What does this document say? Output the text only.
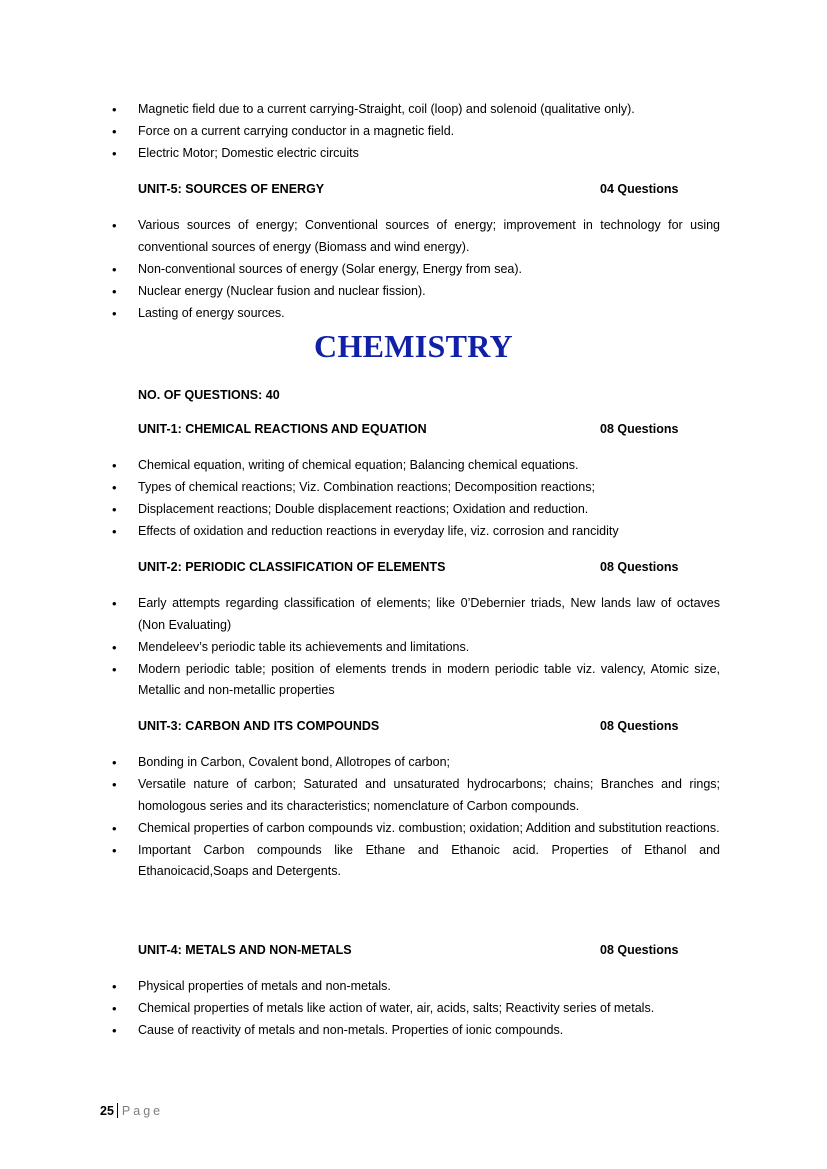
• Magnetic field due to a current carrying-Straight, coil (loop) and solenoid (qualitative only).
• Force on a current carrying conductor in a magnetic field.
• Electric Motor; Domestic electric circuits
UNIT-5: SOURCES OF ENERGY	04 Questions
• Various sources of energy; Conventional sources of energy; improvement in technology for using conventional sources of energy (Biomass and wind energy).
• Non-conventional sources of energy (Solar energy, Energy from sea).
• Nuclear energy (Nuclear fusion and nuclear fission).
• Lasting of energy sources.
CHEMISTRY
NO. OF QUESTIONS: 40
UNIT-1: CHEMICAL REACTIONS AND EQUATION	08 Questions
• Chemical equation, writing of chemical equation; Balancing chemical equations.
• Types of chemical reactions; Viz. Combination reactions; Decomposition reactions;
• Displacement reactions; Double displacement reactions; Oxidation and reduction.
• Effects of oxidation and reduction reactions in everyday life, viz. corrosion and rancidity
UNIT-2: PERIODIC CLASSIFICATION OF ELEMENTS	08 Questions
• Early attempts regarding classification of elements; like 0’Debernier triads, New lands law of octaves (Non Evaluating)
• Mendeleev’s periodic table its achievements and limitations.
• Modern periodic table; position of elements trends in modern periodic table viz. valency, Atomic size, Metallic and non-metallic properties
UNIT-3: CARBON AND ITS COMPOUNDS	08 Questions
• Bonding in Carbon, Covalent bond, Allotropes of carbon;
• Versatile nature of carbon; Saturated and unsaturated hydrocarbons; chains; Branches and rings; homologous series and its characteristics; nomenclature of Carbon compounds.
• Chemical properties of carbon compounds viz. combustion; oxidation; Addition and substitution reactions.
• Important Carbon compounds like Ethane and Ethanoic acid. Properties of Ethanol and Ethanoicacid,Soaps and Detergents.
UNIT-4: METALS AND NON-METALS	08 Questions
• Physical properties of metals and non-metals.
• Chemical properties of metals like action of water, air, acids, salts; Reactivity series of metals.
• Cause of reactivity of metals and non-metals. Properties of ionic compounds.
25 Page
